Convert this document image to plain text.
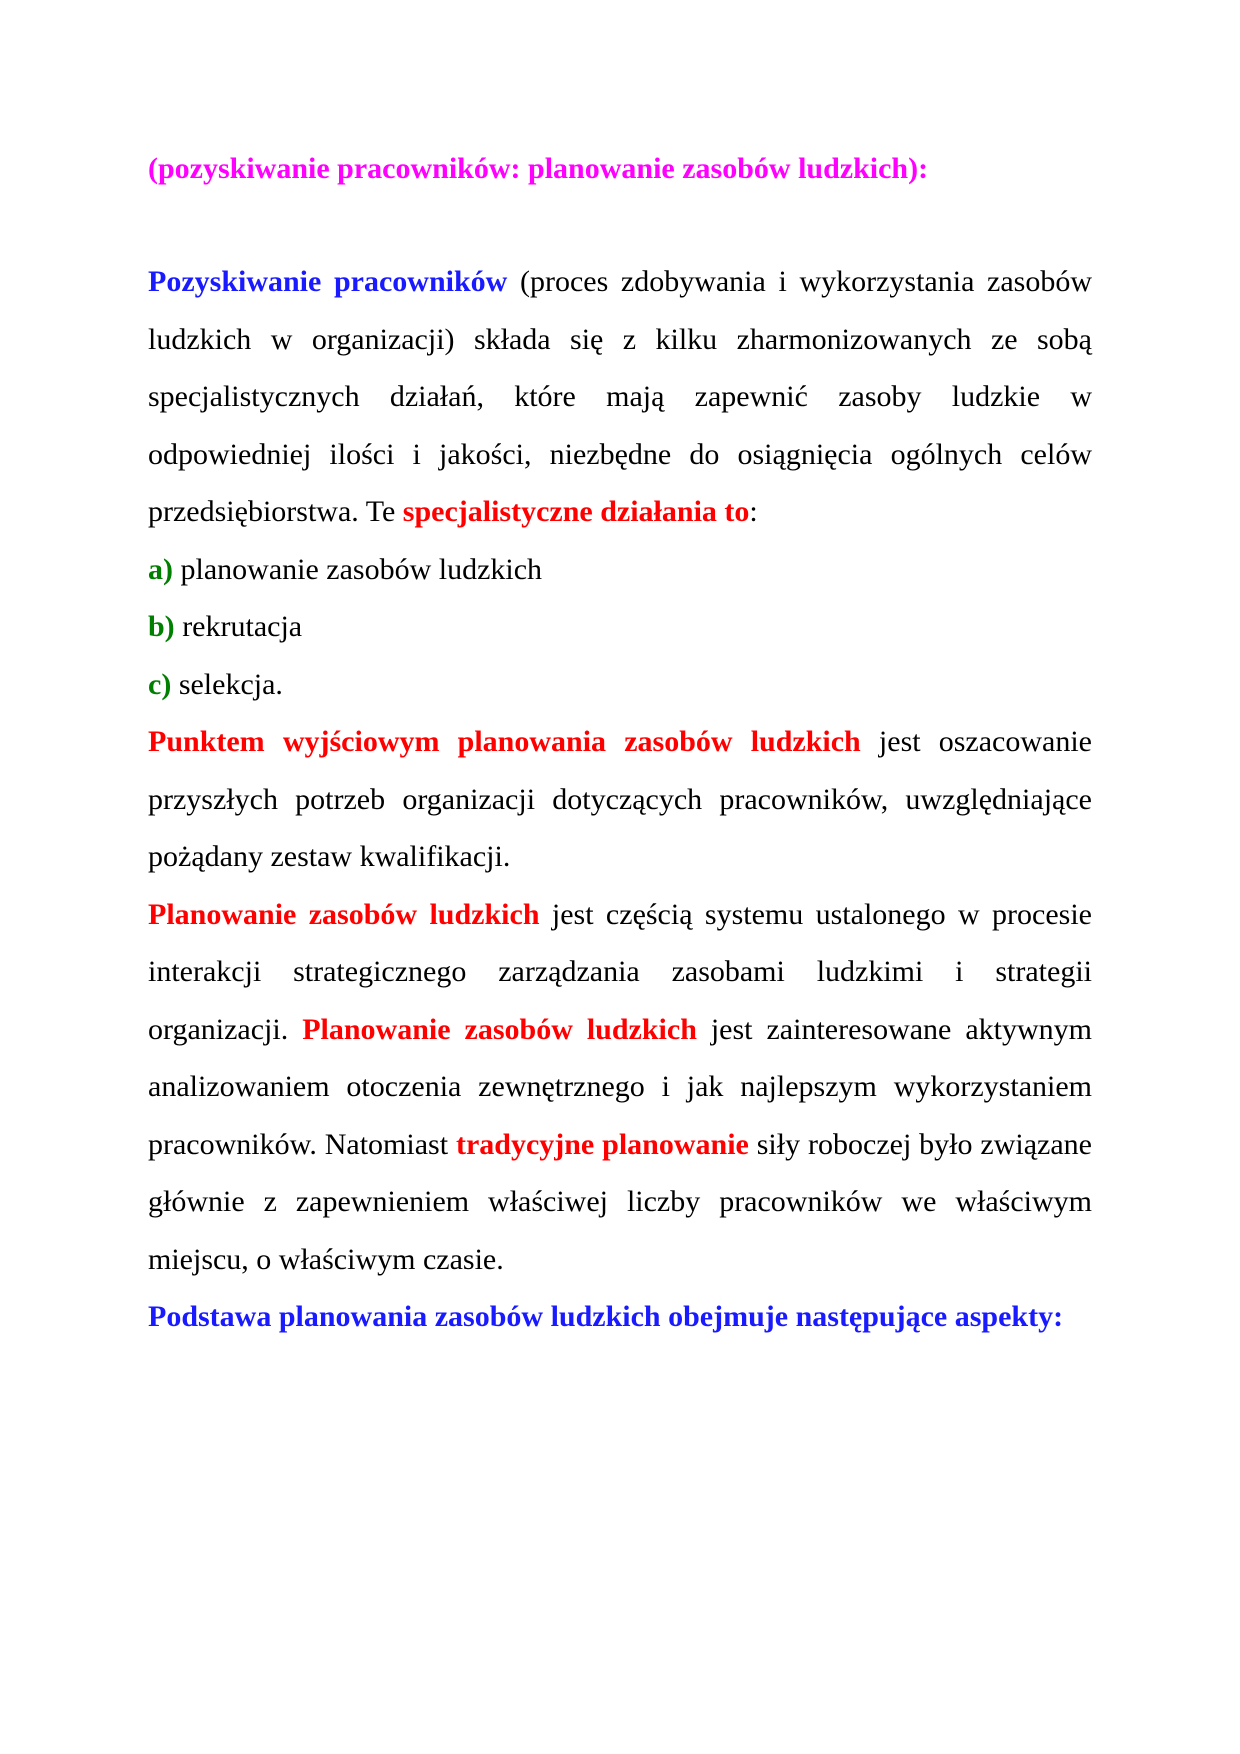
(pozyskiwanie pracowników: planowanie zasobów ludzkich):

Pozyskiwanie pracowników (proces zdobywania i wykorzystania zasobów ludzkich w organizacji) składa się z kilku zharmonizowanych ze sobą specjalistycznych działań, które mają zapewnić zasoby ludzkie w odpowiedniej ilości i jakości, niezbędne do osiągnięcia ogólnych celów przedsiębiorstwa. Te specjalistyczne działania to:

a) planowanie zasobów ludzkich

b) rekrutacja

c) selekcja.

Punktem wyjściowym planowania zasobów ludzkich jest oszacowanie przyszłych potrzeb organizacji dotyczących pracowników, uwzględniające pożądany zestaw kwalifikacji.

Planowanie zasobów ludzkich jest częścią systemu ustalonego w procesie interakcji strategicznego zarządzania zasobami ludzkimi i strategii organizacji. Planowanie zasobów ludzkich jest zainteresowane aktywnym analizowaniem otoczenia zewnętrznego i jak najlepszym wykorzystaniem pracowników. Natomiast tradycyjne planowanie siły roboczej było związane głównie z zapewnieniem właściwej liczby pracowników we właściwym miejscu, o właściwym czasie.

Podstawa planowania zasobów ludzkich obejmuje następujące aspekty:
